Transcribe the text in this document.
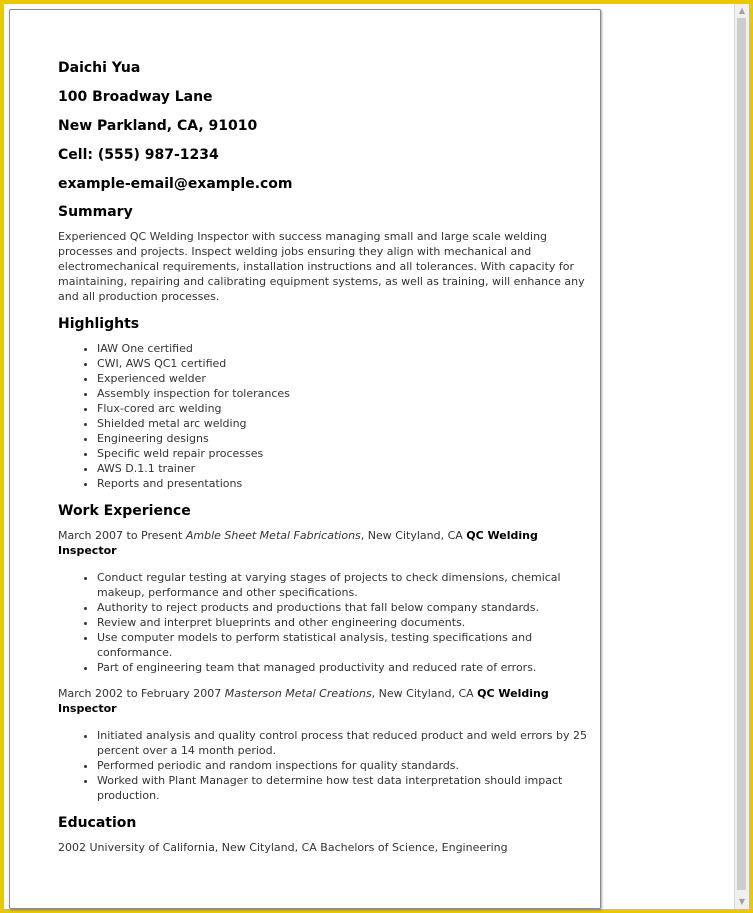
Daichi Yua
100 Broadway Lane
New Parkland, CA, 91010
Cell: (555) 987-1234
example-email@example.com
Summary

Experienced QC Welding Inspector with success managing small and large scale welding processes and projects. Inspect welding jobs ensuring they align with mechanical and electromechanical requirements, installation instructions and all tolerances. With capacity for maintaining, repairing and calibrating equipment systems, as well as training, will enhance any and all production processes.

Highlights
• IAW One certified
• CWI, AWS QC1 certified
• Experienced welder
• Assembly inspection for tolerances
• Flux-cored arc welding
• Shielded metal arc welding
• Engineering designs
• Specific weld repair processes
• AWS D.1.1 trainer
• Reports and presentations
Work Experience
March 2007 to Present Amble Sheet Metal Fabrications, New Cityland, CA QC Welding Inspector
• Conduct regular testing at varying stages of projects to check dimensions, chemical makeup, performance and other specifications.
• Authority to reject products and productions that fall below company standards.
• Review and interpret blueprints and other engineering documents.
• Use computer models to perform statistical analysis, testing specifications and conformance.
• Part of engineering team that managed productivity and reduced rate of errors.
March 2002 to February 2007 Masterson Metal Creations, New Cityland, CA QC Welding Inspector
• Initiated analysis and quality control process that reduced product and weld errors by 25 percent over a 14 month period.
• Performed periodic and random inspections for quality standards.
• Worked with Plant Manager to determine how test data interpretation should impact production.
Education

2002 University of California, New Cityland, CA Bachelors of Science, Engineering

▲
▼
